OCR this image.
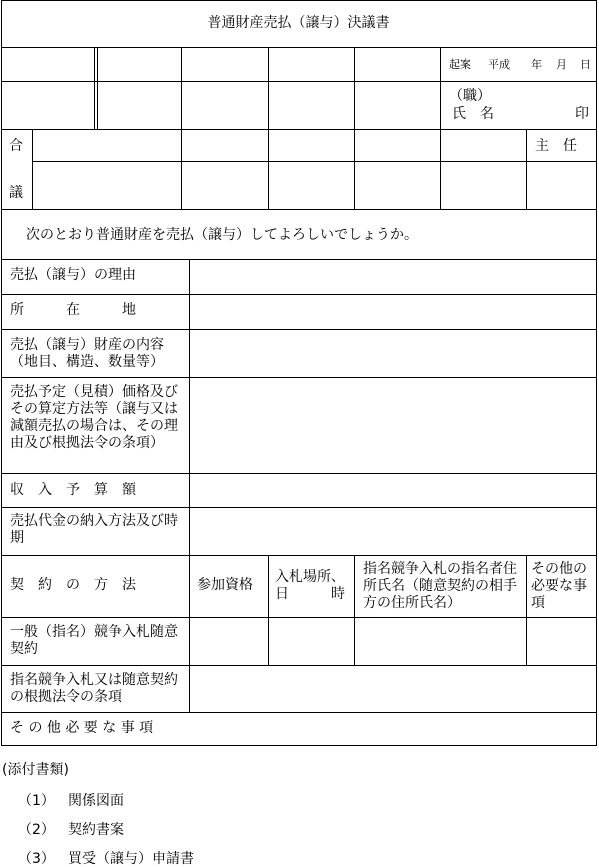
普通財産売払（譲与）決議書
起案 平成 年 月 日
（職）
氏　名	印
合
議
主　任
次のとおり普通財産を売払（譲与）してよろしいでしょうか。
売払（譲与）の理由
所　　　在　　　地
売払（譲与）財産の内容
（地目、構造、数量等）
売払予定（見積）価格及びその算定方法等（譲与又は減額売払の場合は、その理由及び根拠法令の条項）
収　入　予　算　額
売払代金の納入方法及び時期
契　約　の　方　法	参加資格 入札場所、日　　　時
指名競争入札の指名者住所氏名（随意契約の相手方の住所氏名）
その他の必要な事項
一般（指名）競争入札随意契約
指名競争入札又は随意契約の根拠法令の条項
そ の 他 必 要 な 事 項
(添付書類)
（1） 関係図面
（2） 契約書案
（3） 買受（譲与）申請書
